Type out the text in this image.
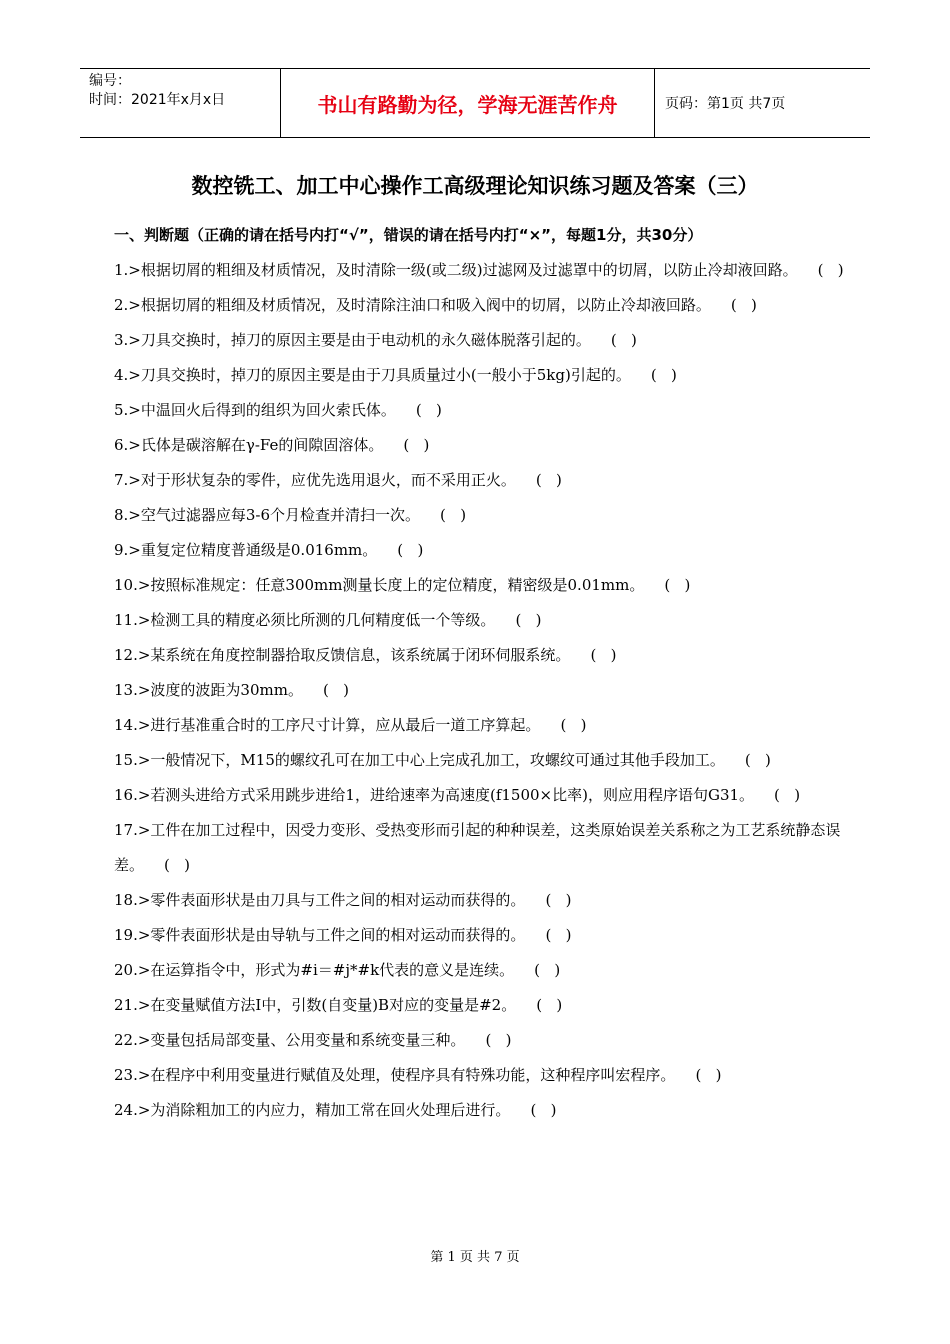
编号：
时间：2021年x月x日	书山有路勤为径，学海无涯苦作舟	页码：第1页 共7页
数控铣工、加工中心操作工高级理论知识练习题及答案（三）
一、判断题（正确的请在括号内打“√”，错误的请在括号内打“×”，每题1分，共30分）
1.>根据切屑的粗细及材质情况，及时清除一级(或二级)过滤网及过滤罩中的切屑，以防止冷却液回路。 (   )
2.>根据切屑的粗细及材质情况，及时清除注油口和吸入阀中的切屑，以防止冷却液回路。 (   )
3.>刀具交换时，掉刀的原因主要是由于电动机的永久磁体脱落引起的。 (   )
4.>刀具交换时，掉刀的原因主要是由于刀具质量过小(一般小于5kg)引起的。 (   )
5.>中温回火后得到的组织为回火索氏体。 (   )
6.>氏体是碳溶解在γ-Fe的间隙固溶体。 (   )
7.>对于形状复杂的零件，应优先选用退火，而不采用正火。 (   )
8.>空气过滤器应每3-6个月检查并清扫一次。 (   )
9.>重复定位精度普通级是0.016mm。 (   )
10.>按照标准规定：任意300mm测量长度上的定位精度，精密级是0.01mm。 (   )
11.>检测工具的精度必须比所测的几何精度低一个等级。 (   )
12.>某系统在角度控制器拾取反馈信息，该系统属于闭环伺服系统。 (   )
13.>波度的波距为30mm。 (   )
14.>进行基准重合时的工序尺寸计算，应从最后一道工序算起。 (   )
15.>一般情况下，M15的螺纹孔可在加工中心上完成孔加工，攻螺纹可通过其他手段加工。 (   )
16.>若测头进给方式采用跳步进给1，进给速率为高速度(f1500×比率)，则应用程序语句G31。 (   )
17.>工件在加工过程中，因受力变形、受热变形而引起的种种误差，这类原始误差关系称之为工艺系统静态误差。 (   )
18.>零件表面形状是由刀具与工件之间的相对运动而获得的。 (   )
19.>零件表面形状是由导轨与工件之间的相对运动而获得的。 (   )
20.>在运算指令中，形式为#i＝#j*#k代表的意义是连续。 (   )
21.>在变量赋值方法I中，引数(自变量)B对应的变量是#2。 (   )
22.>变量包括局部变量、公用变量和系统变量三种。 (   )
23.>在程序中利用变量进行赋值及处理，使程序具有特殊功能，这种程序叫宏程序。 (   )
24.>为消除粗加工的内应力，精加工常在回火处理后进行。 (   )
第 1 页 共 7 页
